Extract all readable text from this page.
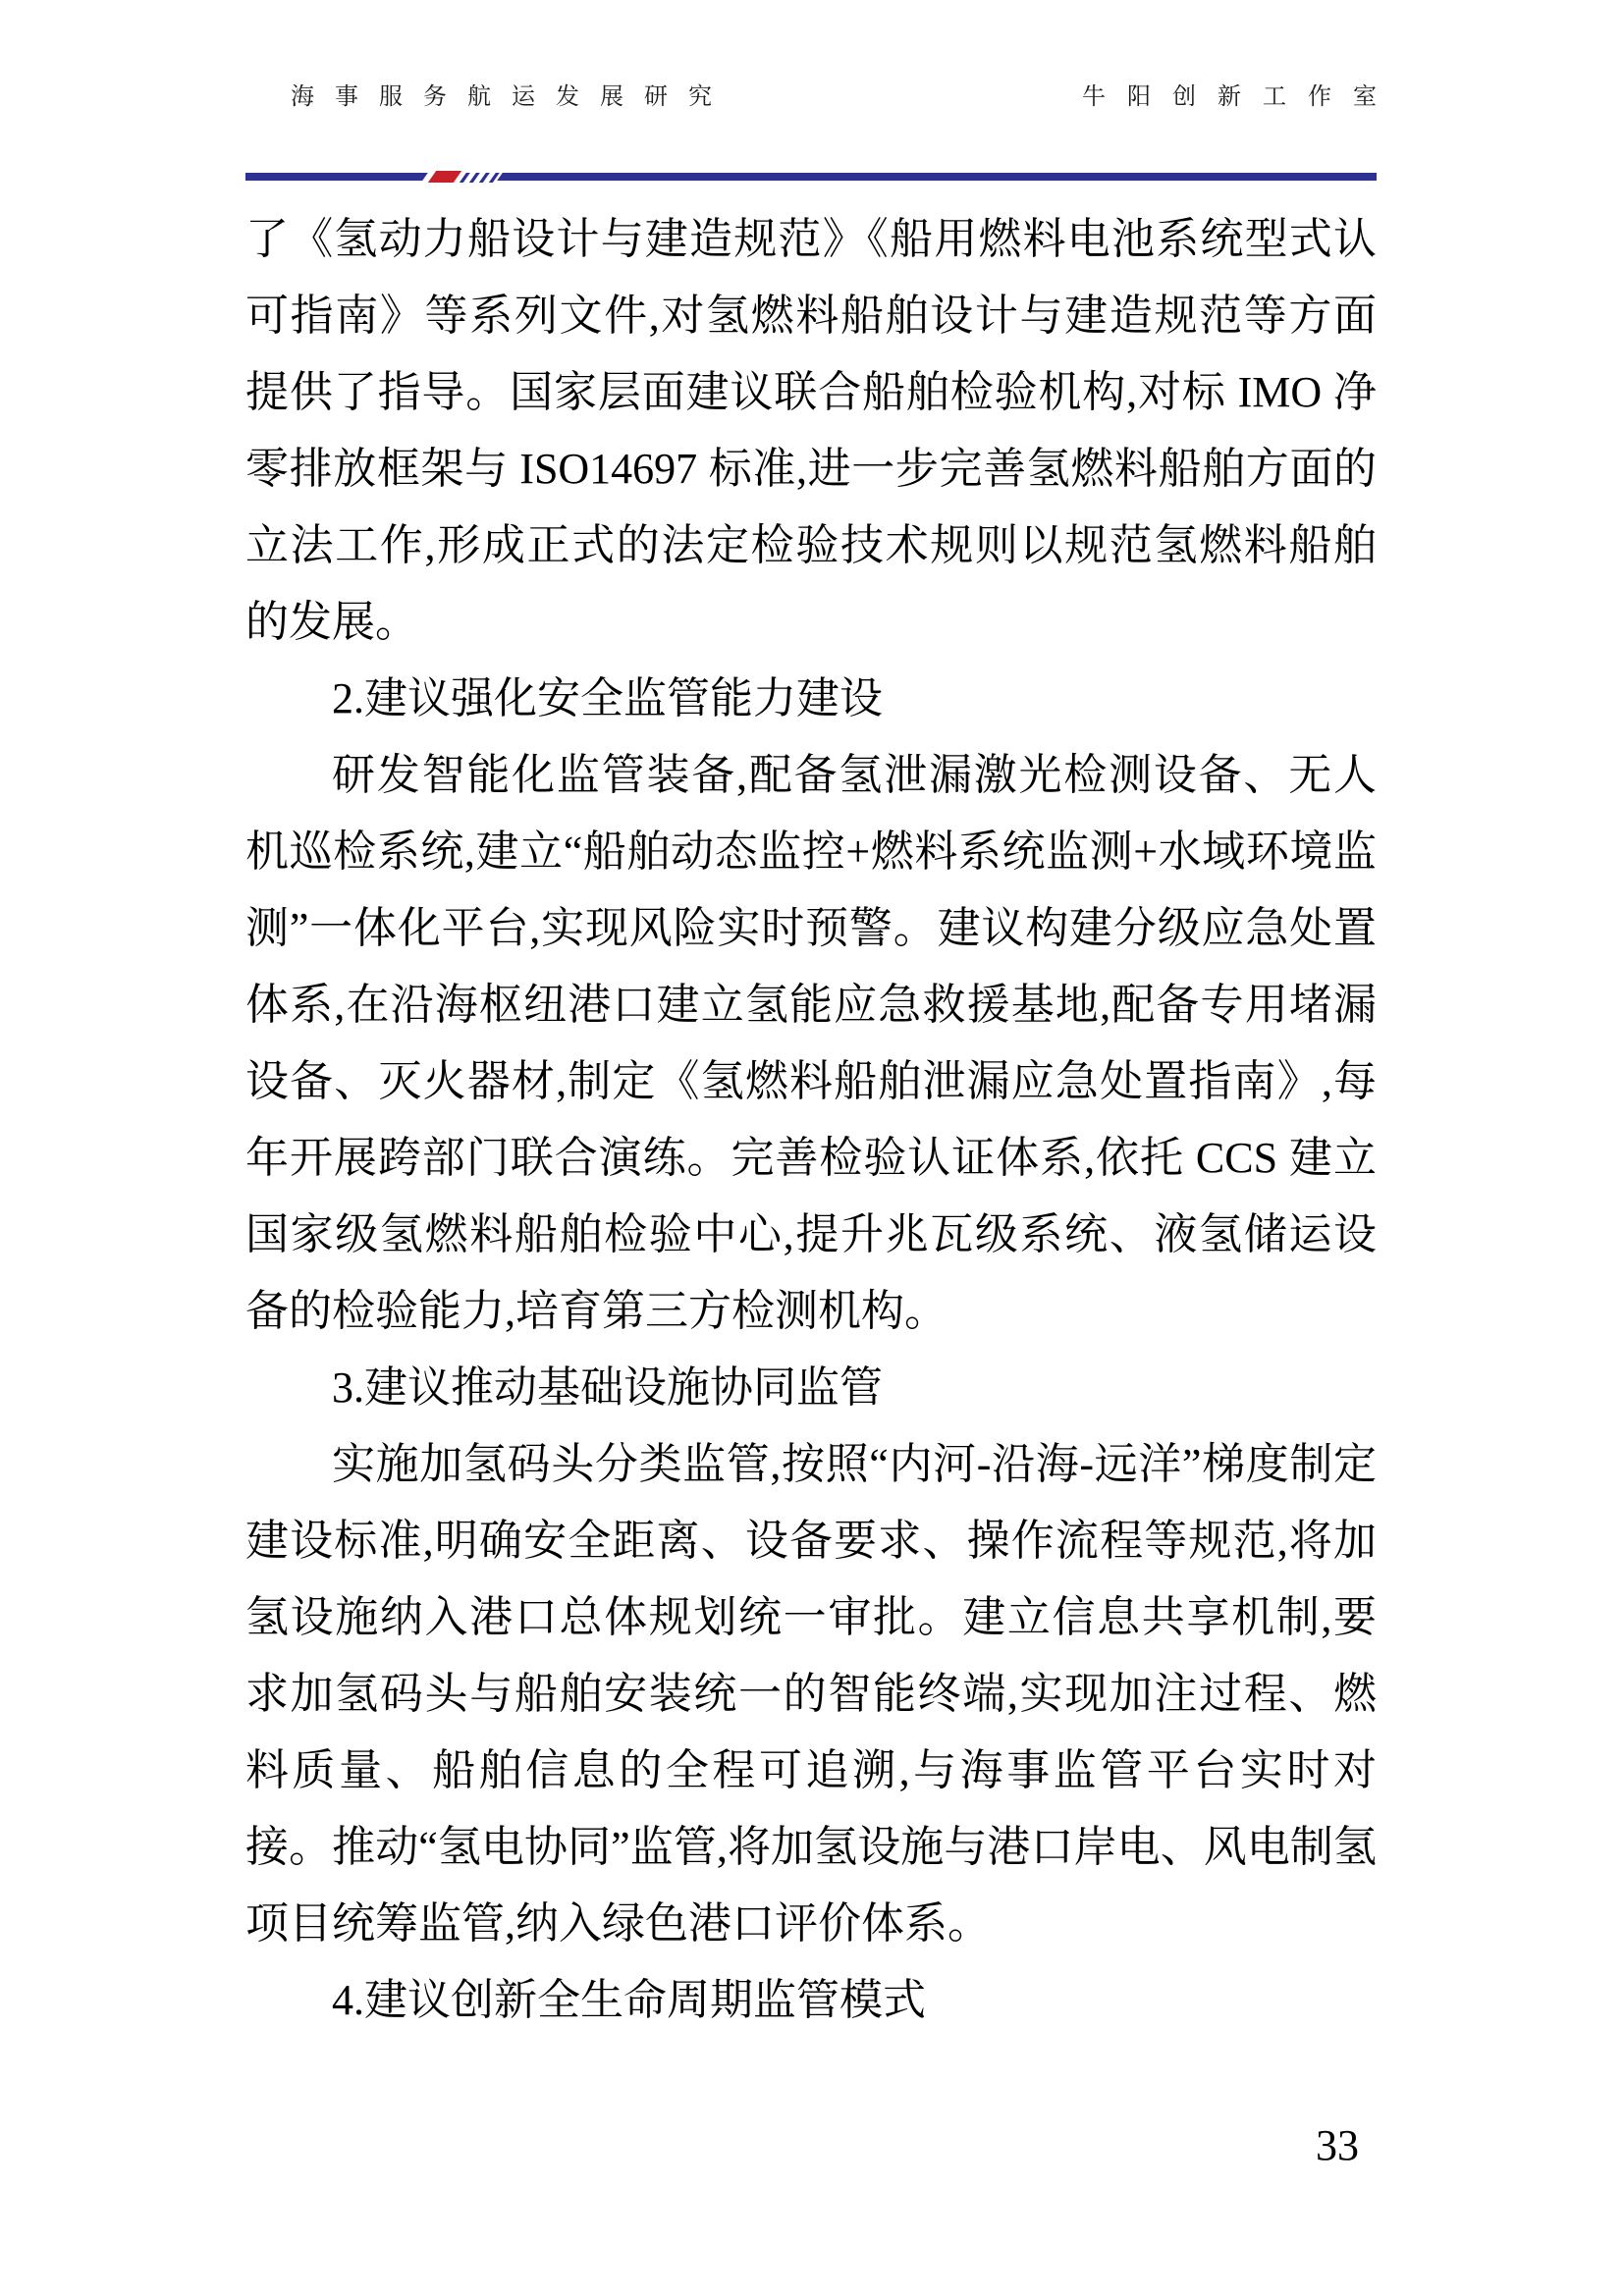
海事服务航运发展研究	牛阳创新工作室

了《氢动力船设计与建造规范》《船用燃料电池系统型式认可指南》等系列文件,对氢燃料船舶设计与建造规范等方面提供了指导。国家层面建议联合船舶检验机构,对标 IMO 净零排放框架与 ISO14697 标准,进一步完善氢燃料船舶方面的立法工作,形成正式的法定检验技术规则以规范氢燃料船舶的发展。

2.建议强化安全监管能力建设

研发智能化监管装备,配备氢泄漏激光检测设备、无人机巡检系统,建立“船舶动态监控+燃料系统监测+水域环境监测”一体化平台,实现风险实时预警。建议构建分级应急处置体系,在沿海枢纽港口建立氢能应急救援基地,配备专用堵漏设备、灭火器材,制定《氢燃料船舶泄漏应急处置指南》,每年开展跨部门联合演练。完善检验认证体系,依托 CCS 建立国家级氢燃料船舶检验中心,提升兆瓦级系统、液氢储运设备的检验能力,培育第三方检测机构。

3.建议推动基础设施协同监管

实施加氢码头分类监管,按照“内河-沿海-远洋”梯度制定建设标准,明确安全距离、设备要求、操作流程等规范,将加氢设施纳入港口总体规划统一审批。建立信息共享机制,要求加氢码头与船舶安装统一的智能终端,实现加注过程、燃料质量、船舶信息的全程可追溯,与海事监管平台实时对接。推动“氢电协同”监管,将加氢设施与港口岸电、风电制氢项目统筹监管,纳入绿色港口评价体系。

4.建议创新全生命周期监管模式

33
